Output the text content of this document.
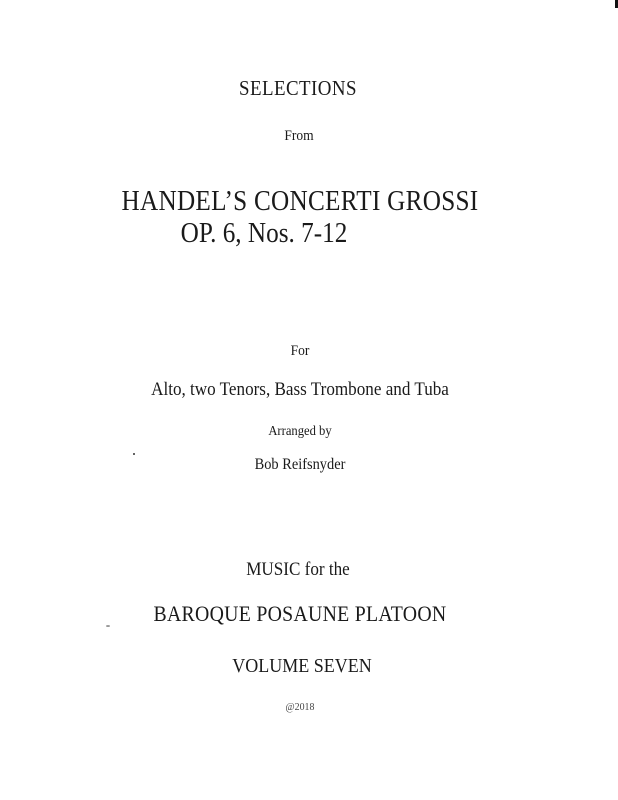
SELECTIONS
From
HANDEL’S CONCERTI GROSSI
OP. 6, Nos. 7-12
For
Alto, two Tenors, Bass Trombone and Tuba
Arranged by
Bob Reifsnyder
MUSIC for the
BAROQUE POSAUNE PLATOON
VOLUME SEVEN
@2018
